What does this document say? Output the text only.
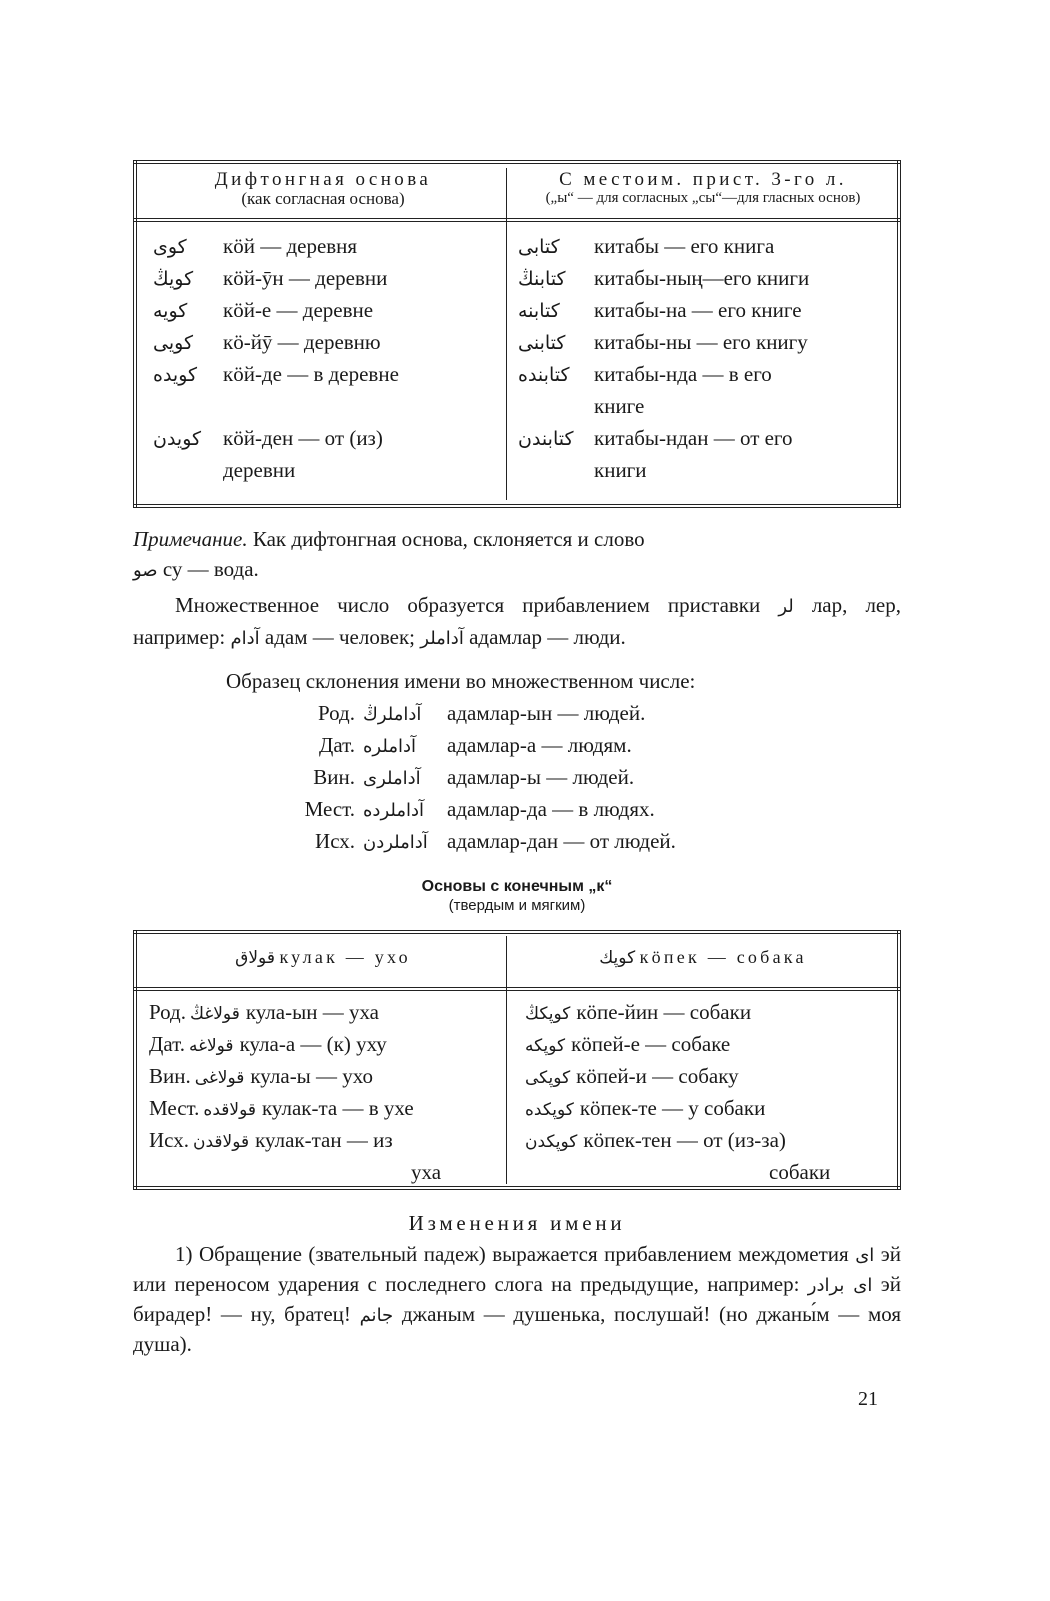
Дифтонгная основа
(как согласная основа)
С местоим. прист. 3-го л.
(„ы“ — для согласных „сы“—для гласных основ)
کوی кӧй — деревня
کویڭ кӧй-ӯн — деревни
کویه кӧй-е — деревне
کویی кӧ-йӯ — деревню
کویده кӧй-де — в деревне
کویدن кӧй-ден — от (из)
деревни
کتابی китабы — его книга
کتابنڭ китабы-ның—его книги
کتابنه китабы-на — его книге
کتابنی китабы-ны — его книгу
کتابنده китабы-нда — в его
книге
کتابندن китабы-ндан — от его
книги
Примечание. Как дифтонгная основа, склоняется и слово
صو су — вода.
Множественное число образуется прибавлением приставки لر лар, лер, например: آدام адам — человек; آداملر адамлар — люди.
Образец склонения имени во множественном числе:
Род. آداملرڭ адамлар-ын — людей.
Дат. آداملره адамлар-а — людям.
Вин. آداملری адамлар-ы — людей.
Мест. آداملرده адамлар-да — в людях.
Исх. آداملردن адамлар-дан — от людей.
Основы с конечным „к“
(твердым и мягким)
قولاق кулак — ухо	کوپك кӧпек — собака
Род. قولاغڭ кула-ын — уха
Дат. قولاغه кула-а — (к) уху
Вин. قولاغی кула-ы — ухо
Мест. قولاقده кулак-та — в ухе
Исх. قولاقدن кулак-тан — из
уха
کوپکڭ кӧпе-йин — собаки
کوپکه кӧпей-е — собаке
کوپکی кӧпей-и — собаку
کوپکده кӧпек-те — у собаки
کوپکدن кӧпек-тен — от (из-за)
собаки
Изменения имени
1) Обращение (звательный падеж) выражается прибавлением междометия ای эй или переносом ударения с последнего слога на предыдущие, например: ای برادر эй бирадер! — ну, братец! جانم джаным — душенька, послушай! (но джаны́м — моя душа).
21
